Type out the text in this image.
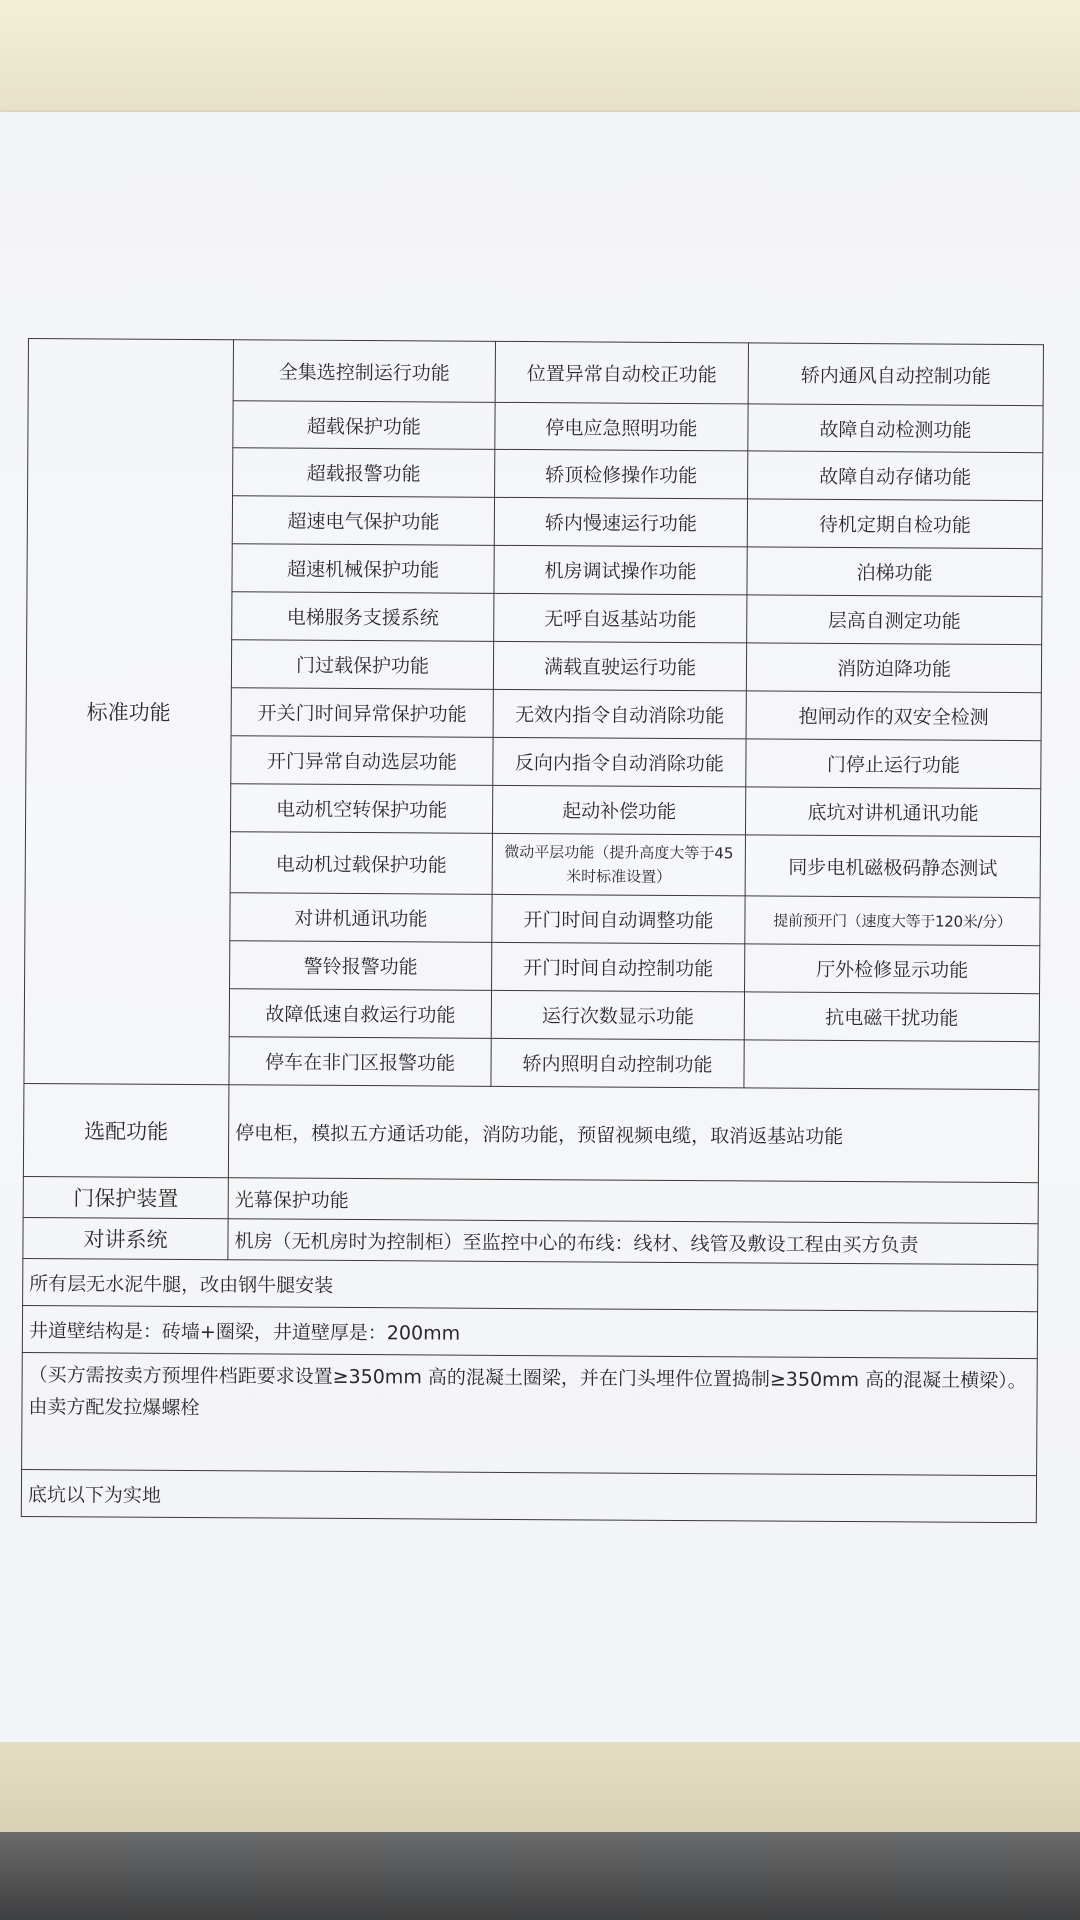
标准功能	全集选控制运行功能	位置异常自动校正功能	轿内通风自动控制功能
	超载保护功能	停电应急照明功能	故障自动检测功能
	超载报警功能	轿顶检修操作功能	故障自动存储功能
	超速电气保护功能	轿内慢速运行功能	待机定期自检功能
	超速机械保护功能	机房调试操作功能	泊梯功能
	电梯服务支援系统	无呼自返基站功能	层高自测定功能
	门过载保护功能	满载直驶运行功能	消防迫降功能
	开关门时间异常保护功能	无效内指令自动消除功能	抱闸动作的双安全检测
	开门异常自动选层功能	反向内指令自动消除功能	门停止运行功能
	电动机空转保护功能	起动补偿功能	底坑对讲机通讯功能
	电动机过载保护功能	微动平层功能（提升高度大等于45米时标准设置）	同步电机磁极码静态测试
	对讲机通讯功能	开门时间自动调整功能	提前预开门（速度大等于120米/分）
	警铃报警功能	开门时间自动控制功能	厅外检修显示功能
	故障低速自救运行功能	运行次数显示功能	抗电磁干扰功能
	停车在非门区报警功能	轿内照明自动控制功能	
选配功能	停电柜，模拟五方通话功能，消防功能，预留视频电缆，取消返基站功能		
门保护装置	光幕保护功能		
对讲系统	机房（无机房时为控制柜）至监控中心的布线：线材、线管及敷设工程由买方负责		
所有层无水泥牛腿，改由钢牛腿安装			
井道壁结构是：砖墙+圈梁，井道壁厚是：200mm			
（买方需按卖方预埋件档距要求设置≥350mm 高的混凝土圈梁，并在门头埋件位置捣制≥350mm 高的混凝土横梁）。由卖方配发拉爆螺栓			
底坑以下为实地			
